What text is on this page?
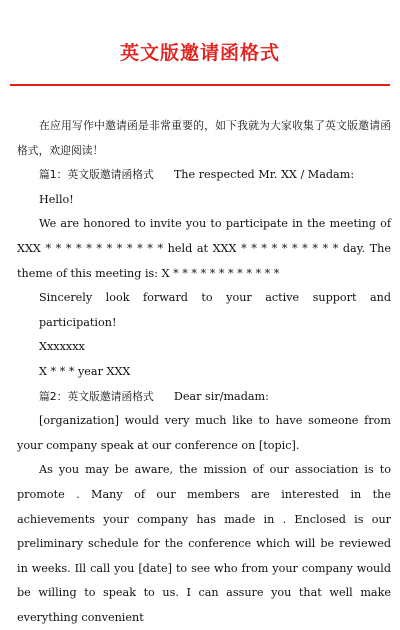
英文版邀请函格式

在应用写作中邀请函是非常重要的，如下我就为大家收集了英文版邀请函格式，欢迎阅读！

篇1：英文版邀请函格式 The respected Mr. XX / Madam:

Hello!

We are honored to invite you to participate in the meeting of XXX * * * * * * * * * * * * held at XXX * * * * * * * * * * day. The theme of this meeting is: X * * * * * * * * * * * *

Sincerely look forward to your active support and participation!

Xxxxxxx

X * * * year XXX

篇2：英文版邀请函格式 Dear sir/madam:

[organization] would very much like to have someone from your company speak at our conference on [topic].

As you may be aware, the mission of our association is to promote . Many of our members are interested in the achievements your company has made in . Enclosed is our preliminary schedule for the conference which will be reviewed in weeks. Ill call you [date] to see who from your company would be willing to speak to us. I can assure you that well make everything convenient
